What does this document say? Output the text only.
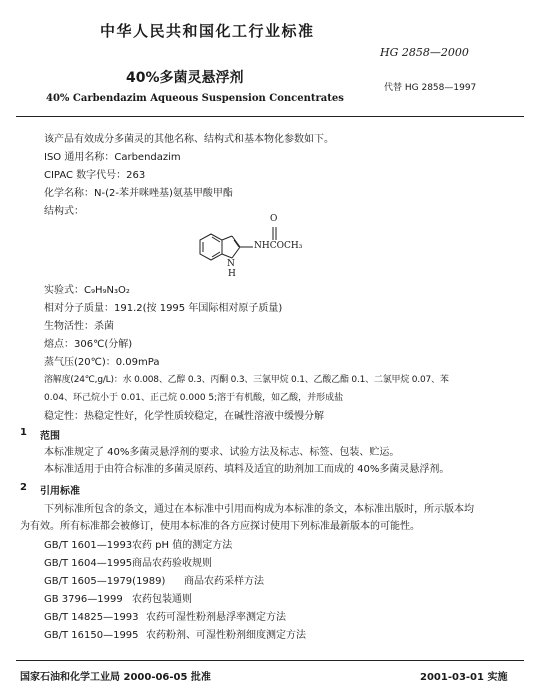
中华人民共和国化工行业标准
HG 2858—2000
40%多菌灵悬浮剂
代替 HG 2858—1997
40% Carbendazim Aqueous Suspension Concentrates
该产品有效成分多菌灵的其他名称、结构式和基本物化参数如下。
ISO 通用名称：Carbendazim
CIPAC 数字代号：263
化学名称：N-(2-苯并咪唑基)氨基甲酸甲酯
结构式：
O
NHCOCH₃
N
H
实验式：C₉H₉N₃O₂
相对分子质量：191.2(按 1995 年国际相对原子质量)
生物活性：杀菌
熔点：306℃(分解)
蒸气压(20℃)：0.09mPa
溶解度(24℃,g/L)：水 0.008、乙醇 0.3、丙酮 0.3、三氯甲烷 0.1、乙酸乙酯 0.1、二氯甲烷 0.07、苯
0.04、环己烷小于 0.01、正己烷 0.000 5;溶于有机酸，如乙酸，并形成盐
稳定性：热稳定性好，化学性质较稳定，在碱性溶液中缓慢分解
1 范围
本标准规定了 40%多菌灵悬浮剂的要求、试验方法及标志、标签、包装、贮运。
本标准适用于由符合标准的多菌灵原药、填料及适宜的助剂加工而成的 40%多菌灵悬浮剂。
2 引用标准
下列标准所包含的条文，通过在本标准中引用而构成为本标准的条文，本标准出版时，所示版本均
为有效。所有标准都会被修订，使用本标准的各方应探讨使用下列标准最新版本的可能性。
GB/T 1601—1993农药 pH 值的测定方法
GB/T 1604—1995商品农药验收规则
GB/T 1605—1979(1989) 商品农药采样方法
GB 3796—1999 农药包装通则
GB/T 14825—1993 农药可湿性粉剂悬浮率测定方法
GB/T 16150—1995 农药粉剂、可湿性粉剂细度测定方法
国家石油和化学工业局 2000-06-05 批准	2001-03-01 实施
